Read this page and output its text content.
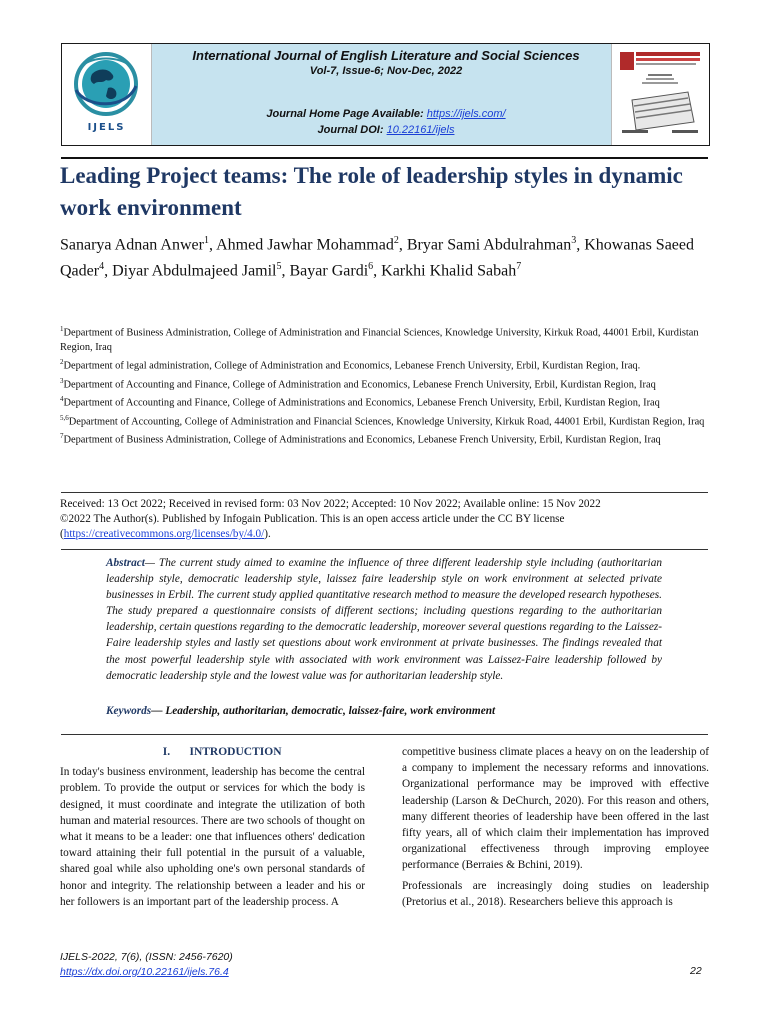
IJELS
International Journal of English Literature and Social Sciences
Vol-7, Issue-6; Nov-Dec, 2022
Journal Home Page Available: https://ijels.com/
Journal DOI: 10.22161/ijels
Leading Project teams: The role of leadership styles in dynamic work environment
Sanarya Adnan Anwer$^1$, Ahmed Jawhar Mohammad$^2$, Bryar Sami Abdulrahman$^3$, Khowanas Saeed Qader$^4$, Diyar Abdulmajeed Jamil$^5$, Bayar Gardi$^6$, Karkhi Khalid Sabah$^7$

$^1$Department of Business Administration, College of Administration and Financial Sciences, Knowledge University, Kirkuk Road, 44001 Erbil, Kurdistan Region, Iraq

$^2$Department of legal administration, College of Administration and Economics, Lebanese French University, Erbil, Kurdistan Region, Iraq.

$^3$Department of Accounting and Finance, College of Administration and Economics, Lebanese French University, Erbil, Kurdistan Region, Iraq

$^4$Department of Accounting and Finance, College of Administrations and Economics, Lebanese French University, Erbil, Kurdistan Region, Iraq

$^{5,6}$Department of Accounting, College of Administration and Financial Sciences, Knowledge University, Kirkuk Road, 44001 Erbil, Kurdistan Region, Iraq

$^7$Department of Business Administration, College of Administrations and Economics, Lebanese French University, Erbil, Kurdistan Region, Iraq

Received: 13 Oct 2022; Received in revised form: 03 Nov 2022; Accepted: 10 Nov 2022; Available online: 15 Nov 2022

©2022 The Author(s). Published by Infogain Publication. This is an open access article under the CC BY license

(https://creativecommons.org/licenses/by/4.0/).

Abstract— The current study aimed to examine the influence of three different leadership style including (authoritarian leadership style, democratic leadership style, laissez faire leadership style on work environment at selected private businesses in Erbil. The current study applied quantitative research method to measure the developed research hypotheses. The study prepared a questionnaire consists of different sections; including questions regarding to the authoritarian leadership, certain questions regarding to the democratic leadership, moreover several questions regarding to the Laissez-Faire leadership styles and lastly set questions about work environment at private businesses. The findings revealed that the most powerful leadership style with associated with work environment was Laissez-Faire leadership followed by democratic leadership style and the lowest value was for authoritarian leadership style.
Keywords— Leadership, authoritarian, democratic, laissez-faire, work environment
I. INTRODUCTION

In today's business environment, leadership has become the central problem. To provide the output or services for which the body is designed, it must coordinate and integrate the utilization of both human and material resources. There are two schools of thought on what it means to be a leader: one that influences others' dedication toward attaining their full potential in the pursuit of a valuable, shared goal while also upholding one's own personal standards of honor and integrity. The relationship between a leader and his or her followers is an important part of the leadership process. A

competitive business climate places a heavy on on the leadership of a company to implement the necessary reforms and innovations. Organizational performance may be improved with effective leadership (Larson & DeChurch, 2020). For this reason and others, many different theories of leadership have been offered in the last fifty years, all of which claim their implementation has improved organizational effectiveness through improving employee performance (Berraies & Bchini, 2019).

Professionals are increasingly doing studies on leadership (Pretorius et al., 2018). Researchers believe this approach is

IJELS-2022, 7(6), (ISSN: 2456-7620)
https://dx.doi.org/10.22161/ijels.76.4	22
